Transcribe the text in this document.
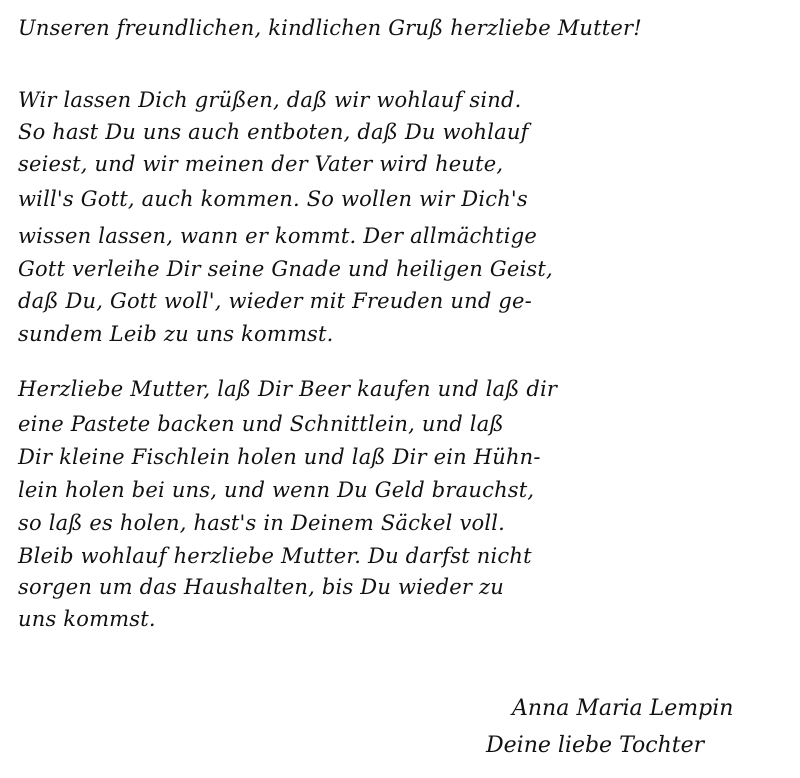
Unseren freundlichen, kindlichen Gruß herzliebe Mutter!
Wir lassen Dich grüßen, daß wir wohlauf sind.
So hast Du uns auch entboten, daß Du wohlauf
seiest, und wir meinen der Vater wird heute,
will's Gott, auch kommen. So wollen wir Dich's
wissen lassen, wann er kommt. Der allmächtige
Gott verleihe Dir seine Gnade und heiligen Geist,
daß Du, Gott woll', wieder mit Freuden und ge-
sundem Leib zu uns kommst.
Herzliebe Mutter, laß Dir Beer kaufen und laß dir
eine Pastete backen und Schnittlein, und laß
Dir kleine Fischlein holen und laß Dir ein Hühn-
lein holen bei uns, und wenn Du Geld brauchst,
so laß es holen, hast's in Deinem Säckel voll.
Bleib wohlauf herzliebe Mutter. Du darfst nicht
sorgen um das Haushalten, bis Du wieder zu
uns kommst.
Anna Maria Lempin
Deine liebe Tochter
